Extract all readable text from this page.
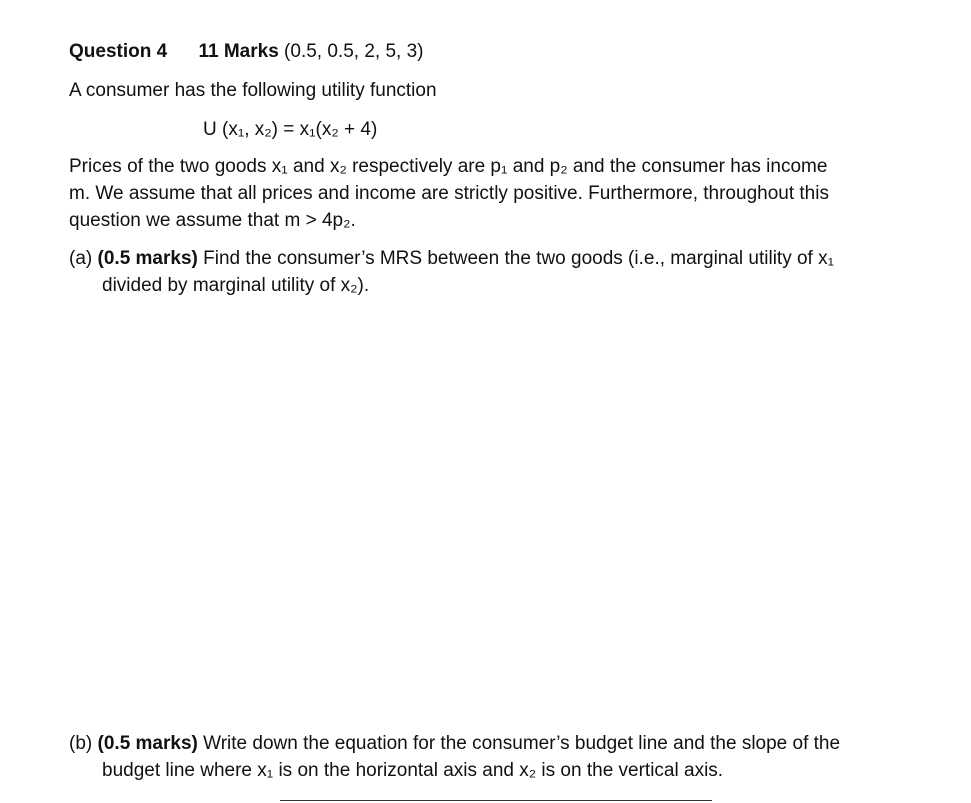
Question 4 11 Marks (0.5, 0.5, 2, 5, 3)
A consumer has the following utility function
U (x₁, x₂) = x₁(x₂ + 4)
Prices of the two goods x₁ and x₂ respectively are p₁ and p₂ and the consumer has income
m. We assume that all prices and income are strictly positive. Furthermore, throughout this
question we assume that m > 4p₂.
(a) (0.5 marks) Find the consumer’s MRS between the two goods (i.e., marginal utility of x₁
divided by marginal utility of x₂).
(b) (0.5 marks) Write down the equation for the consumer’s budget line and the slope of the
budget line where x₁ is on the horizontal axis and x₂ is on the vertical axis.
